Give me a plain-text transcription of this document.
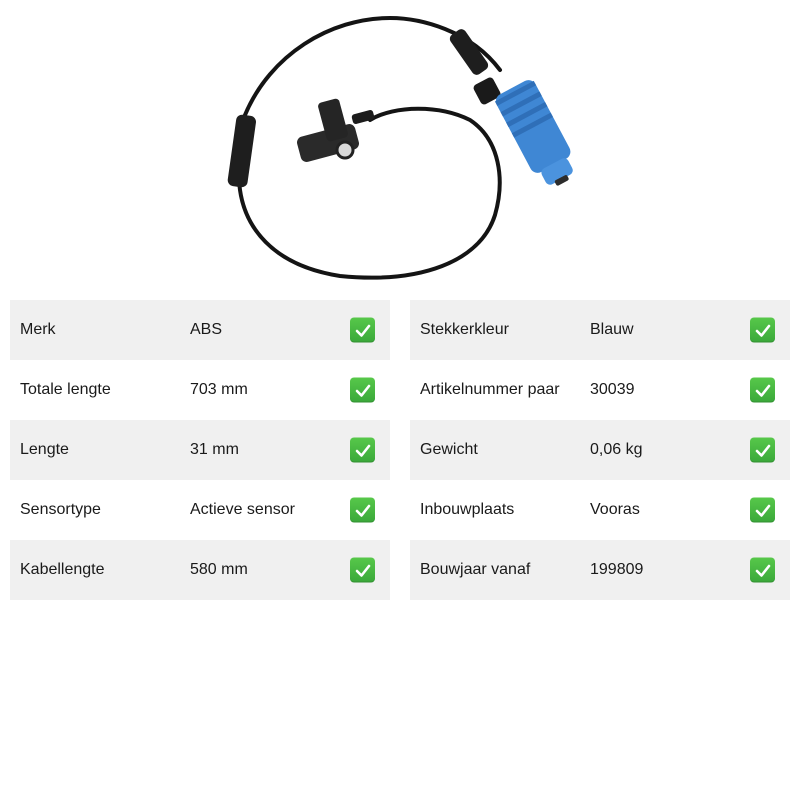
Merk	ABS
Totale lengte	703 mm
Lengte	31 mm
Sensortype	Actieve sensor
Kabellengte	580 mm
Stekkerkleur	Blauw
Artikelnummer paar 30039
Gewicht	0,06 kg
Inbouwplaats	Vooras
Bouwjaar vanaf	199809
